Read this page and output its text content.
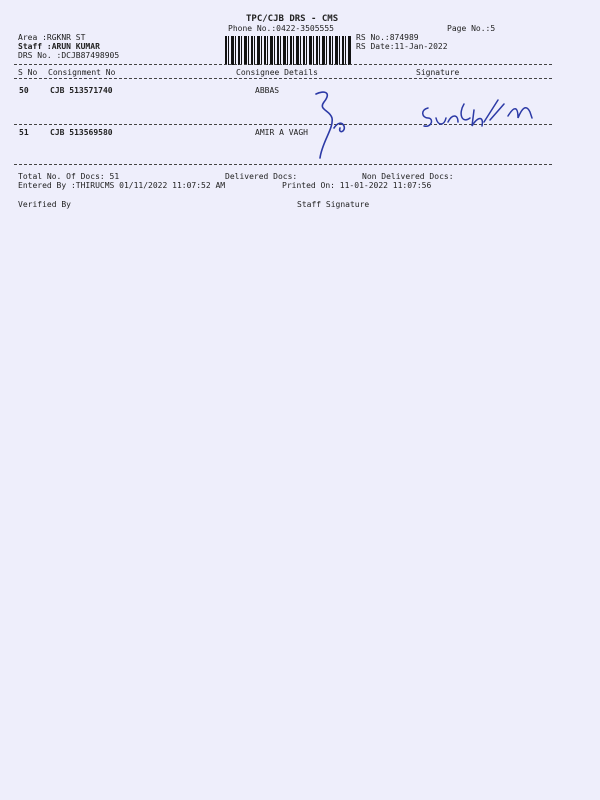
TPC/CJB DRS - CMS
Phone No.:0422-3505555	Page No.:5
Area :RGKNR ST
Staff :ARUN KUMAR
DRS No. :DCJB87498905
RS No.:874989
RS Date:11-Jan-2022
S No Consignment No	Consignee Details	Signature
50	CJB 513571740	ABBAS
51	CJB 513569580	AMIR A VAGH
Total No. Of Docs: 51	Delivered Docs:	Non Delivered Docs:
Entered By :THIRUCMS 01/11/2022 11:07:52 AM	Printed On: 11-01-2022 11:07:56
Verified By	Staff Signature
